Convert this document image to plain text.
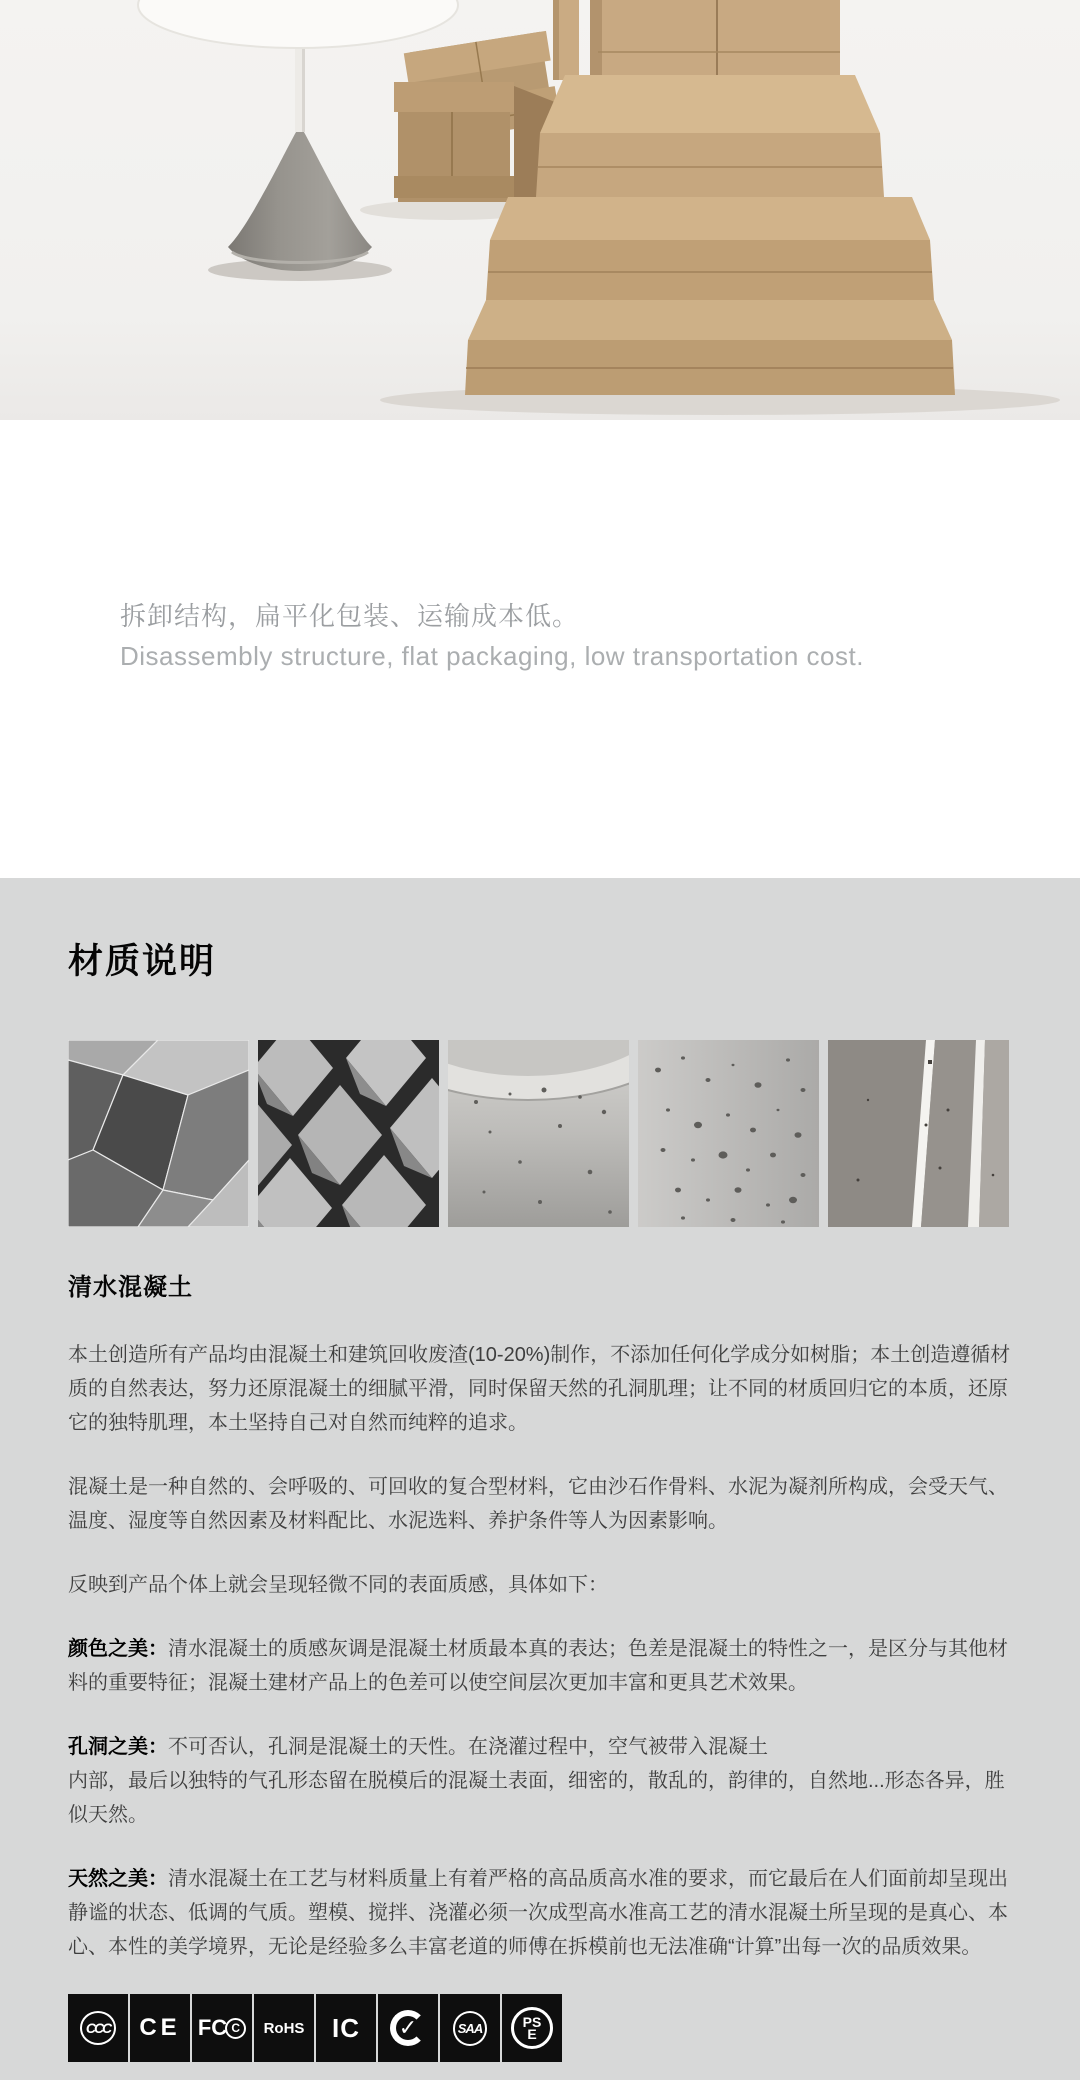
拆卸结构，扁平化包装、运输成本低。

Disassembly structure, flat packaging, low transportation cost.

材质说明
清水混凝土

本土创造所有产品均由混凝土和建筑回收废渣(10-20%)制作，不添加任何化学成分如树脂；本土创造遵循材质的自然表达，努力还原混凝土的细腻平滑，同时保留天然的孔洞肌理；让不同的材质回归它的本质，还原它的独特肌理，本土坚持自己对自然而纯粹的追求。

混凝土是一种自然的、会呼吸的、可回收的复合型材料，它由沙石作骨料、水泥为凝剂所构成，会受天气、温度、湿度等自然因素及材料配比、水泥选料、养护条件等人为因素影响。

反映到产品个体上就会呈现轻微不同的表面质感，具体如下：

颜色之美：清水混凝土的质感灰调是混凝土材质最本真的表达；色差是混凝土的特性之一，是区分与其他材料的重要特征；混凝土建材产品上的色差可以使空间层次更加丰富和更具艺术效果。

孔洞之美：不可否认，孔洞是混凝土的天性。在浇灌过程中，空气被带入混凝土
内部，最后以独特的气孔形态留在脱模后的混凝土表面，细密的，散乱的，韵律的，自然地...形态各异，胜似天然。

天然之美：清水混凝土在工艺与材料质量上有着严格的高品质高水准的要求，而它最后在人们面前却呈现出静谧的状态、低调的气质。塑模、搅拌、浇灌必须一次成型高水准高工艺的清水混凝土所呈现的是真心、本心、本性的美学境界，无论是经验多么丰富老道的师傅在拆模前也无法准确“计算”出每一次的品质效果。

CCC CE FC C	RoHS IC ✓	SAA	PS
E
